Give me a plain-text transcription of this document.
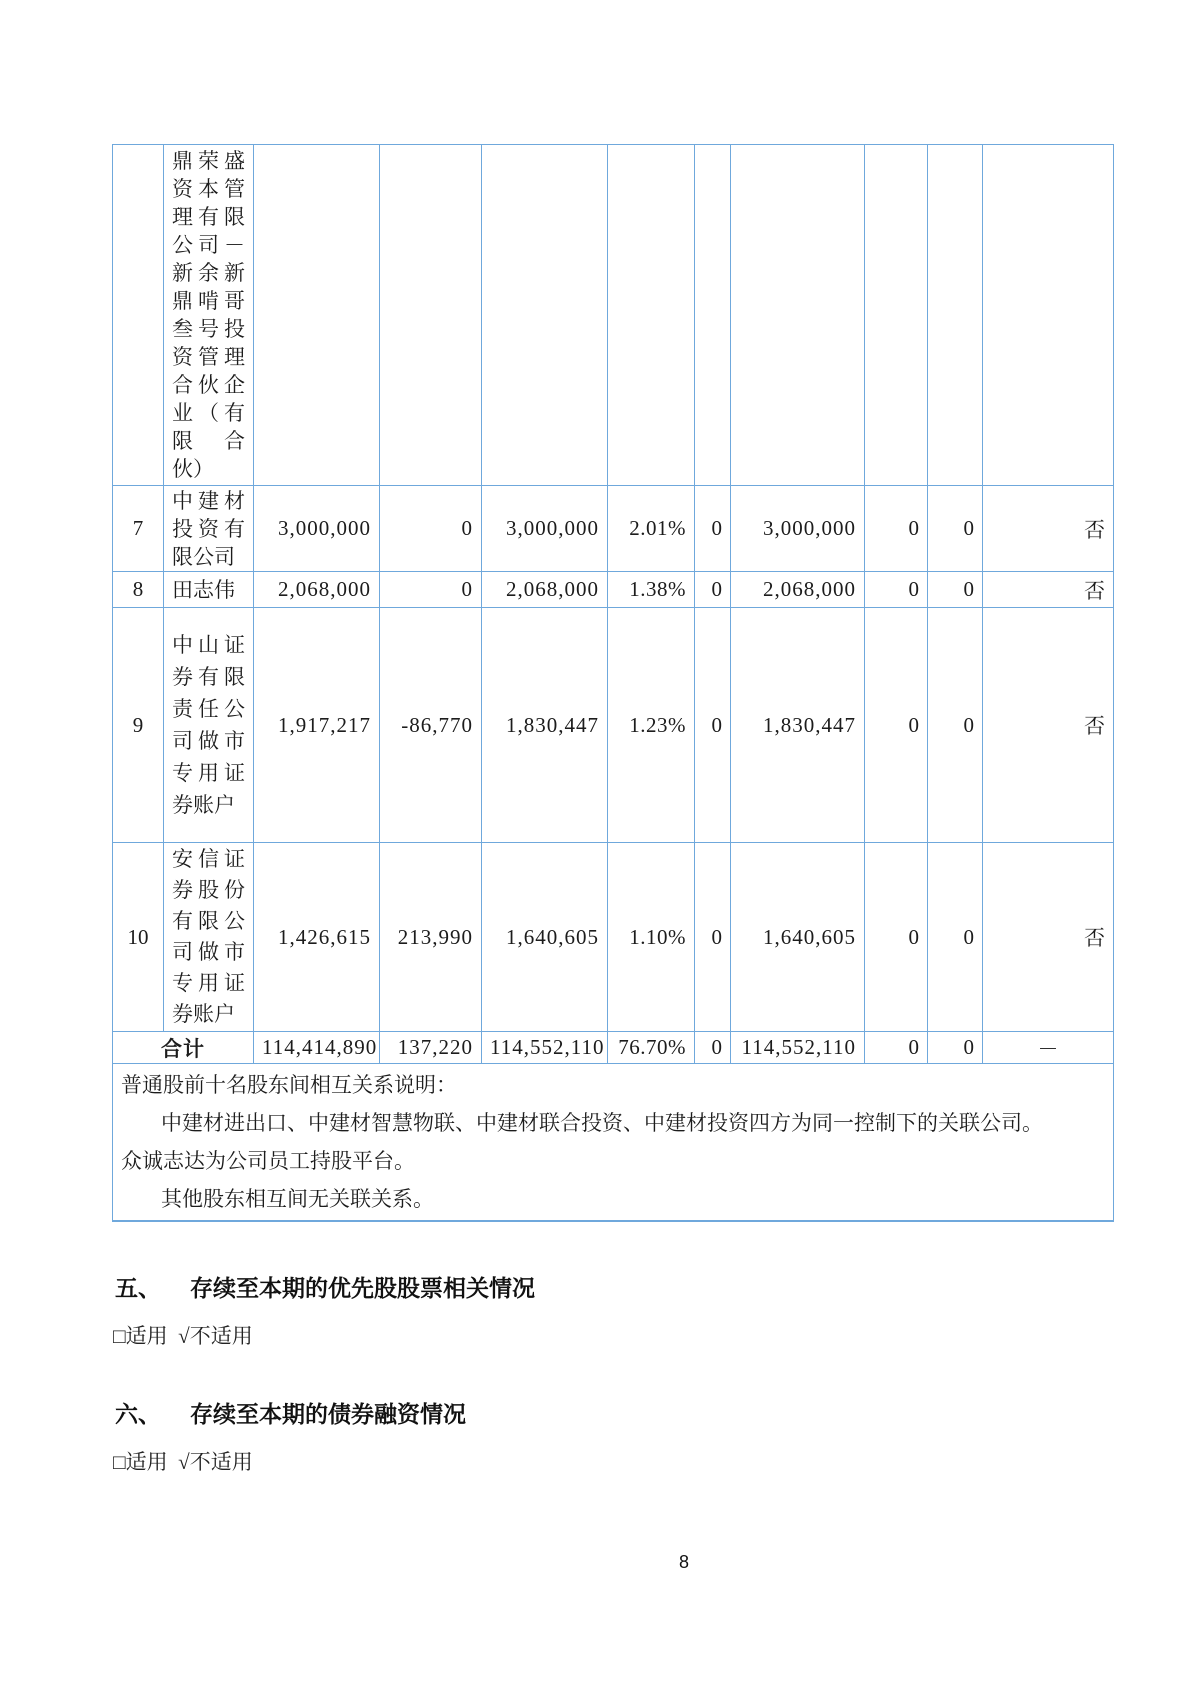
	鼎荣盛资本管理有限公司－新余新鼎啃哥叁号投资管理合伙企业（有限合伙）									
7	中建材投资有限公司	3,000,000	0	3,000,000	2.01%	0	3,000,000	0	0	否
8	田志伟	2,068,000	0	2,068,000	1.38%	0	2,068,000	0	0	否
9	中山证券有限责任公司做市专用证券账户	1,917,217	-86,770	1,830,447	1.23%	0	1,830,447	0	0	否
10	安信证券股份有限公司做市专用证券账户	1,426,615	213,990	1,640,605	1.10%	0	1,640,605	0	0	否
合计		114,414,890	137,220	114,552,110	76.70%	0	114,552,110	0	0	－

普通股前十名股东间相互关系说明：
中建材进出口、中建材智慧物联、中建材联合投资、中建材投资四方为同一控制下的关联公司。
众诚志达为公司员工持股平台。
其他股东相互间无关联关系。										
五、 存续至本期的优先股股票相关情况
□适用  √不适用
六、 存续至本期的债券融资情况
□适用  √不适用
8
